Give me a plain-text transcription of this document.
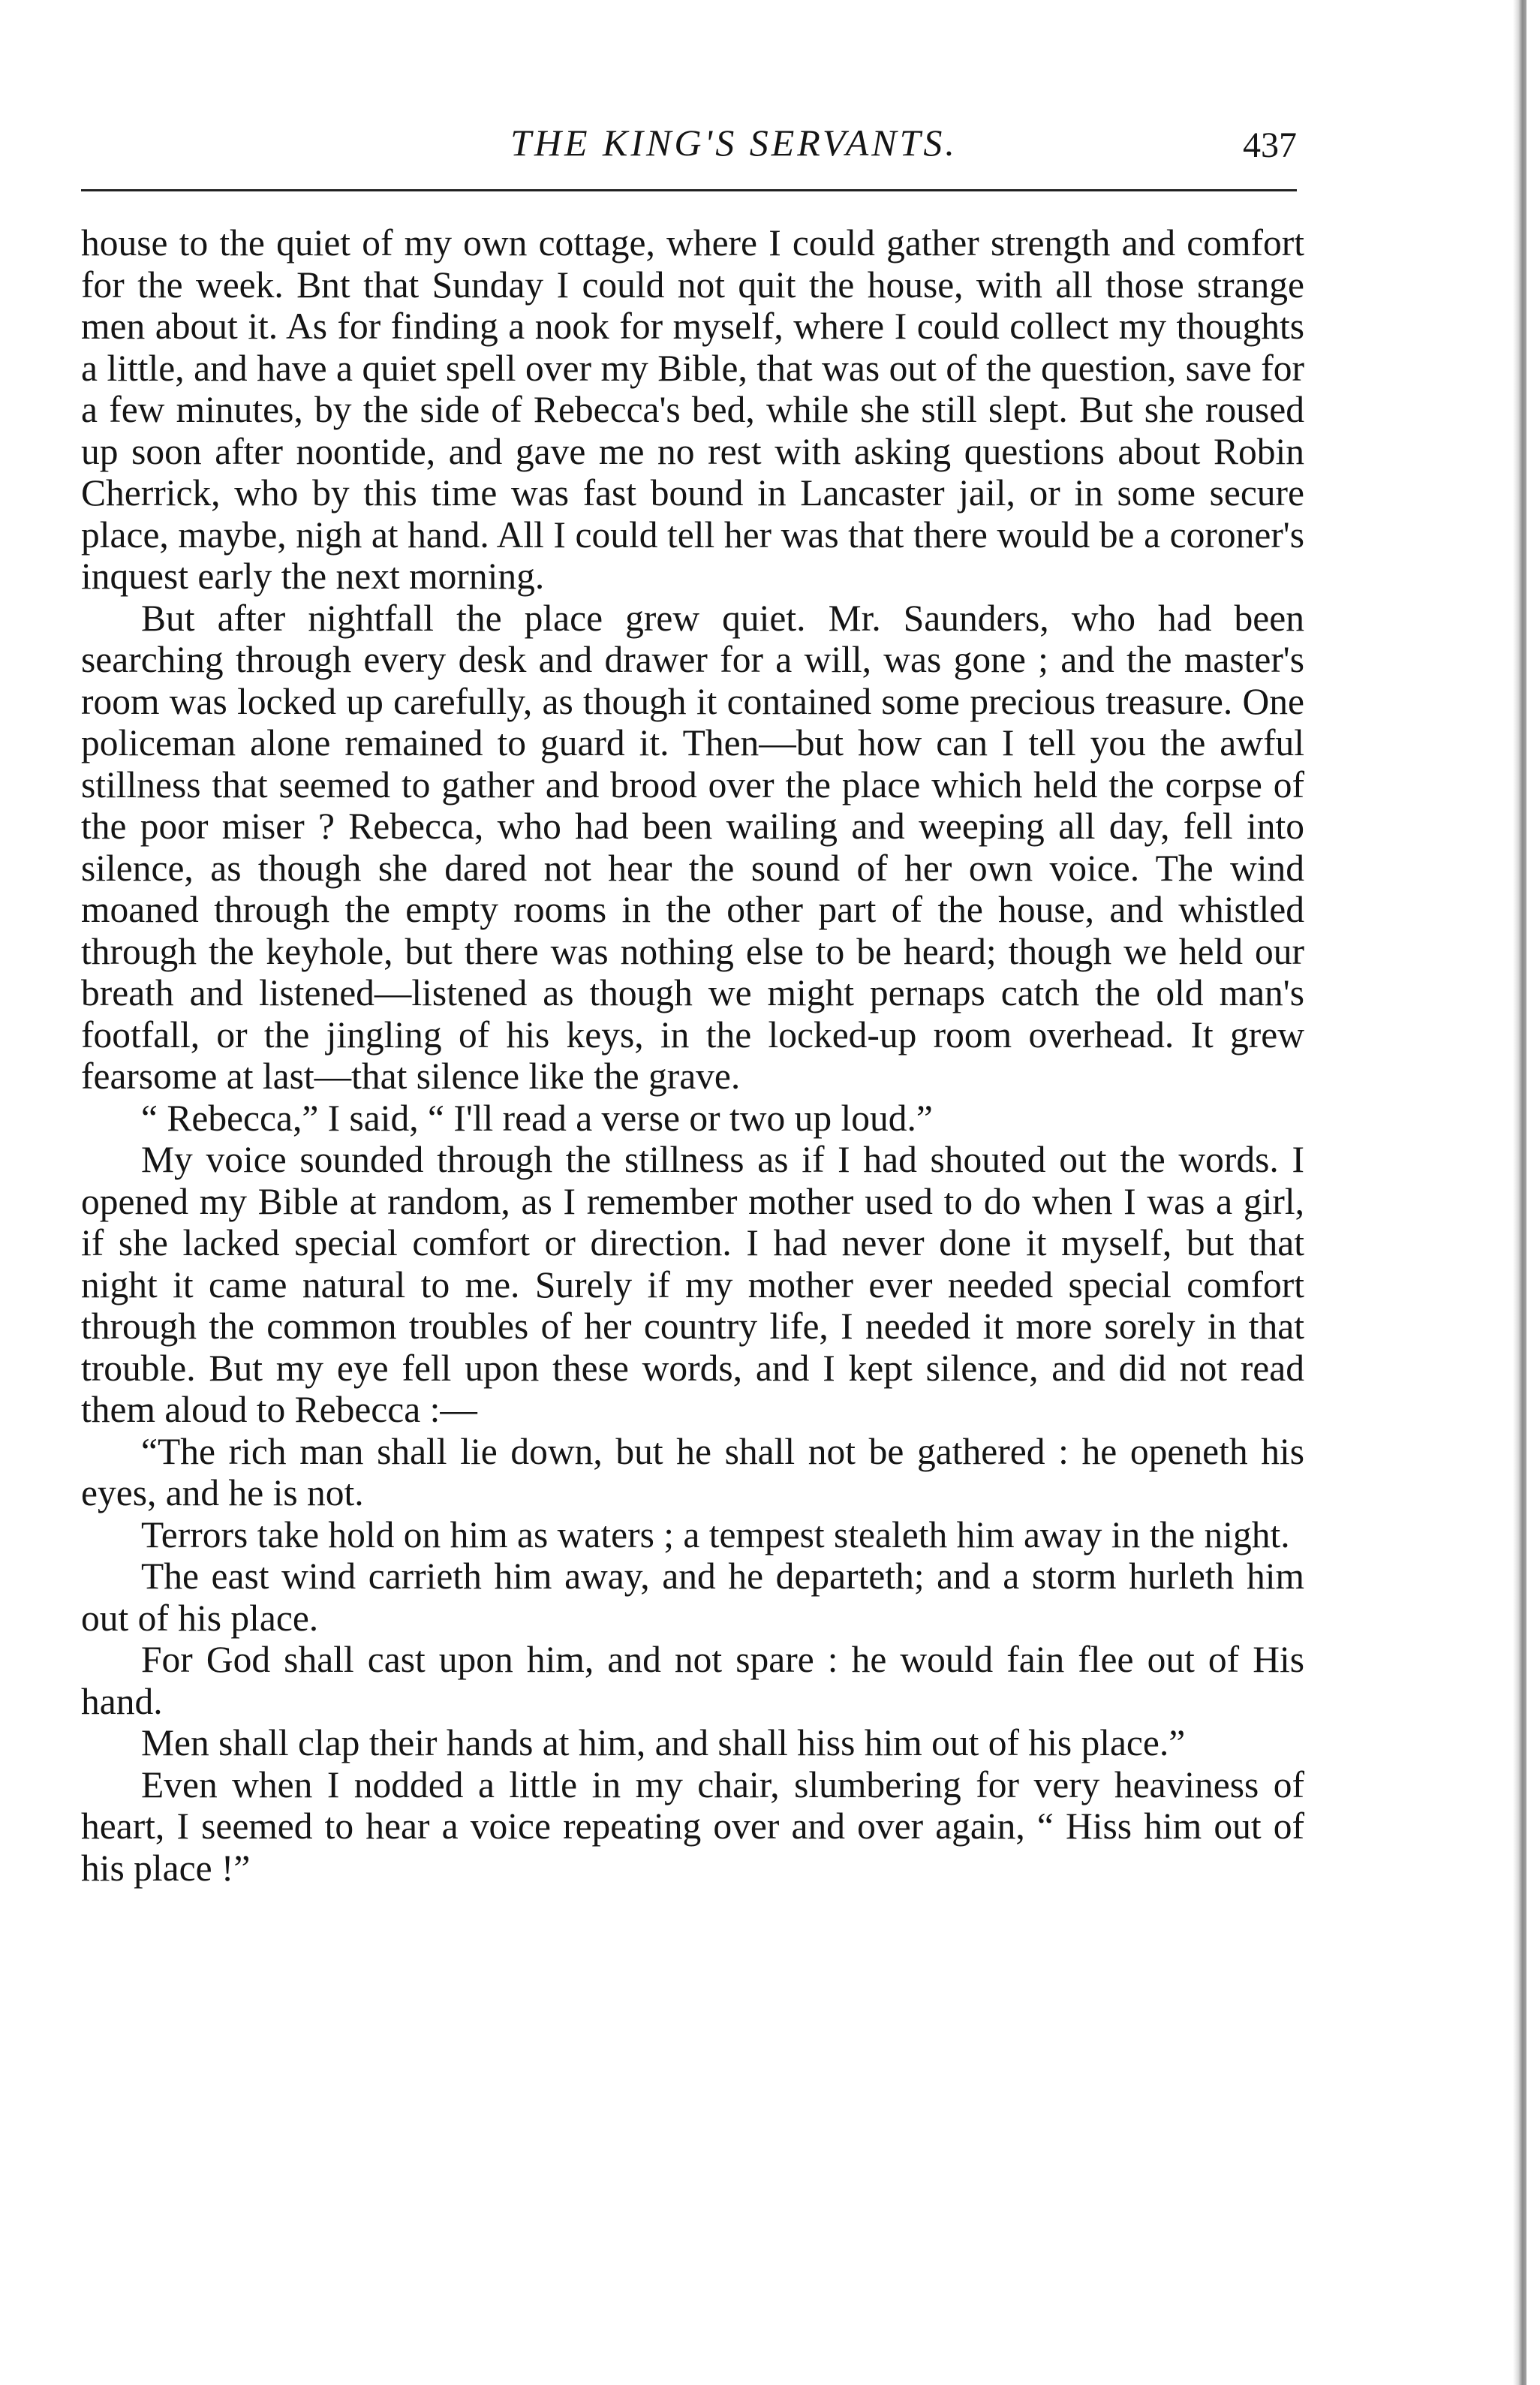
THE KING'S SERVANTS.	437

house to the quiet of my own cottage, where I could gather strength and comfort for the week. Bnt that Sunday I could not quit the house, with all those strange men about it. As for finding a nook for myself, where I could collect my thoughts a little, and have a quiet spell over my Bible, that was out of the question, save for a few minutes, by the side of Rebecca's bed, while she still slept. But she roused up soon after noontide, and gave me no rest with asking questions about Robin Cherrick, who by this time was fast bound in Lancaster jail, or in some secure place, maybe, nigh at hand. All I could tell her was that there would be a coroner's inquest early the next morning.

But after nightfall the place grew quiet. Mr. Saunders, who had been searching through every desk and drawer for a will, was gone ; and the master's room was locked up carefully, as though it contained some precious treasure. One policeman alone remained to guard it. Then—but how can I tell you the awful stillness that seemed to gather and brood over the place which held the corpse of the poor miser ? Rebecca, who had been wailing and weeping all day, fell into silence, as though she dared not hear the sound of her own voice. The wind moaned through the empty rooms in the other part of the house, and whistled through the keyhole, but there was nothing else to be heard; though we held our breath and listened—listened as though we might pernaps catch the old man's footfall, or the jingling of his keys, in the locked-up room overhead. It grew fearsome at last—that silence like the grave.

“ Rebecca,” I said, “ I'll read a verse or two up loud.”

My voice sounded through the stillness as if I had shouted out the words. I opened my Bible at random, as I remember mother used to do when I was a girl, if she lacked special comfort or direction. I had never done it myself, but that night it came natural to me. Surely if my mother ever needed special comfort through the common troubles of her country life, I needed it more sorely in that trouble. But my eye fell upon these words, and I kept silence, and did not read them aloud to Rebecca :—

“The rich man shall lie down, but he shall not be gathered : he openeth his eyes, and he is not.

Terrors take hold on him as waters ; a tempest stealeth him away in the night.

The east wind carrieth him away, and he departeth; and a storm hurleth him out of his place.

For God shall cast upon him, and not spare : he would fain flee out of His hand.

Men shall clap their hands at him, and shall hiss him out of his place.”

Even when I nodded a little in my chair, slumbering for very heaviness of heart, I seemed to hear a voice repeating over and over again, “ Hiss him out of his place !”
